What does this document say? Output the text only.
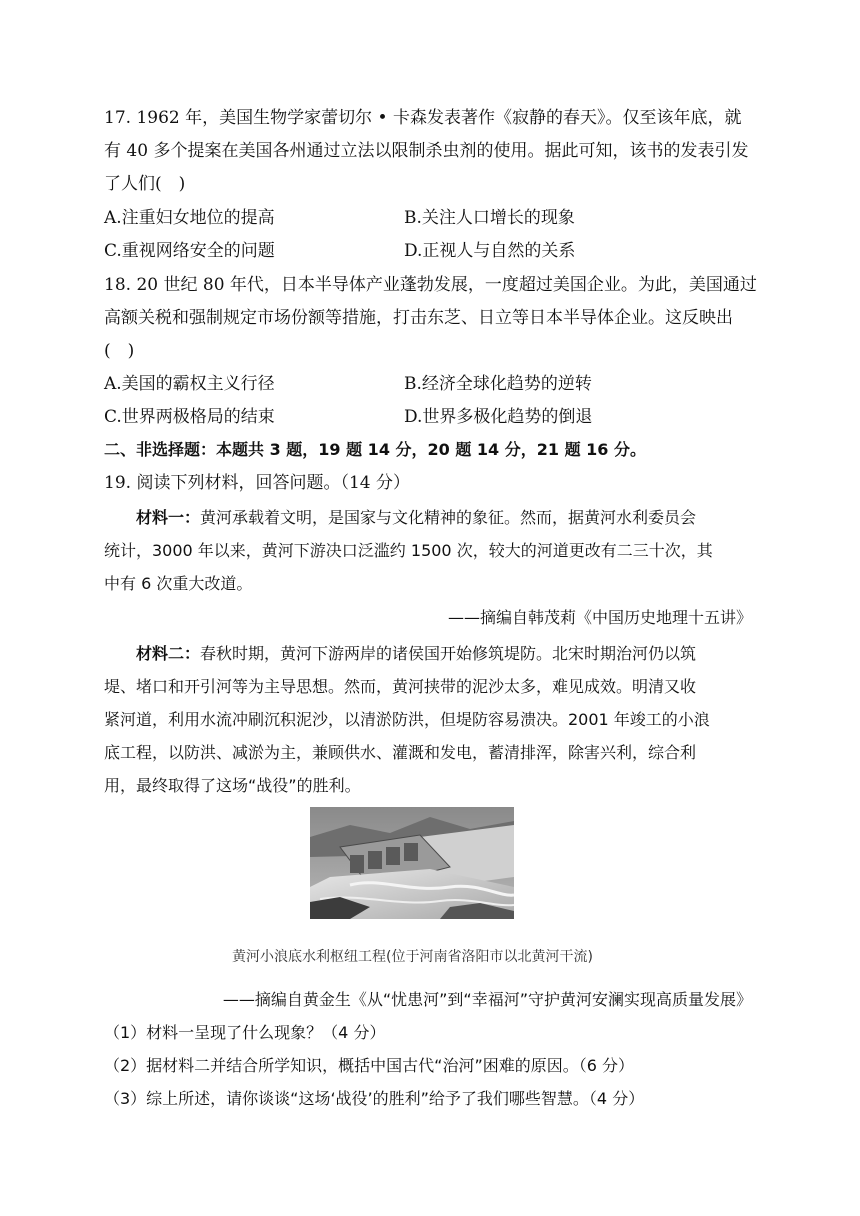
17. 1962 年，美国生物学家蕾切尔 • 卡森发表著作《寂静的春天》。仅至该年底，就
有 40 多个提案在美国各州通过立法以限制杀虫剂的使用。据此可知，该书的发表引发
了人们(　)
A.注重妇女地位的提高	B.关注人口增长的现象
C.重视网络安全的问题	D.正视人与自然的关系
18. 20 世纪 80 年代，日本半导体产业蓬勃发展，一度超过美国企业。为此，美国通过
高额关税和强制规定市场份额等措施，打击东芝、日立等日本半导体企业。这反映出
(　)
A.美国的霸权主义行径	B.经济全球化趋势的逆转
C.世界两极格局的结束	D.世界多极化趋势的倒退
二、非选择题：本题共 3 题，19 题 14 分，20 题 14 分，21 题 16 分。
19. 阅读下列材料，回答问题。（14 分）
材料一：黄河承载着文明，是国家与文化精神的象征。然而，据黄河水利委员会
统计，3000 年以来，黄河下游决口泛滥约 1500 次，较大的河道更改有二三十次，其
中有 6 次重大改道。
——摘编自韩茂莉《中国历史地理十五讲》
材料二：春秋时期，黄河下游两岸的诸侯国开始修筑堤防。北宋时期治河仍以筑
堤、堵口和开引河等为主导思想。然而，黄河挟带的泥沙太多，难见成效。明清又收
紧河道，利用水流冲刷沉积泥沙，以清淤防洪，但堤防容易溃决。2001 年竣工的小浪
底工程，以防洪、减淤为主，兼顾供水、灌溉和发电，蓄清排浑，除害兴利，综合利
用，最终取得了这场“战役”的胜利。
黄河小浪底水利枢纽工程(位于河南省洛阳市以北黄河干流)
——摘编自黄金生《从“忧患河”到“幸福河”守护黄河安澜实现高质量发展》
（1）材料一呈现了什么现象？（4 分）
（2）据材料二并结合所学知识，概括中国古代“治河”困难的原因。（6 分）
（3）综上所述，请你谈谈“这场‘战役’的胜利”给予了我们哪些智慧。（4 分）
